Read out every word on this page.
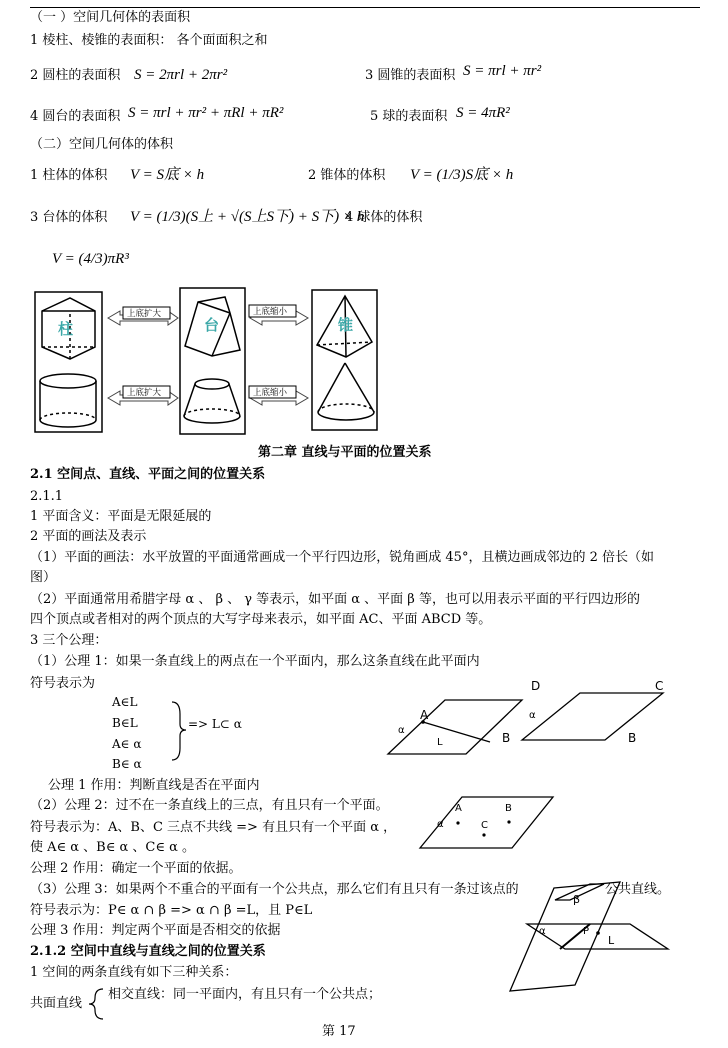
（一 ）空间几何体的表面积
1 棱柱、棱锥的表面积： 各个面面积之和
2 圆柱的表面积 S = 2πrl + 2πr²	3 圆锥的表面积 S = πrl + πr²
4 圆台的表面积 S = πrl + πr² + πRl + πR²	5 球的表面积 S = 4πR²
（二）空间几何体的体积
1 柱体的体积 V = S底 × h	2 锥体的体积 V = (1/3)S底 × h
3 台体的体积 V = (1/3)(S上 + √(S上S下) + S下) × h
4 球体的体积
V = (4/3)πR³
上底扩大	上底缩小
上底扩大	上底缩小
柱	台	锥
A
L
α
B
D	C
α
B
A	B
C
α
β
α	P
L
第二章 直线与平面的位置关系
2.1 空间点、直线、平面之间的位置关系
2.1.1
1 平面含义：平面是无限延展的
2 平面的画法及表示
（1）平面的画法：水平放置的平面通常画成一个平行四边形，锐角画成 45°，且横边画成邻边的 2 倍长（如
图）
（2）平面通常用希腊字母 α 、 β 、 γ 等表示，如平面 α 、平面 β 等，也可以用表示平面的平行四边形的
四个顶点或者相对的两个顶点的大写字母来表示，如平面 AC、平面 ABCD 等。
3 三个公理：
（1）公理 1：如果一条直线上的两点在一个平面内，那么这条直线在此平面内
符号表示为
A∈L
B∈L
A∈ α
B∈ α
=> L⊂ α
公理 1 作用：判断直线是否在平面内
（2）公理 2：过不在一条直线上的三点，有且只有一个平面。
符号表示为：A、B、C 三点不共线 => 有且只有一个平面 α ，
使 A∈ α 、B∈ α 、C∈ α 。
公理 2 作用：确定一个平面的依据。
（3）公理 3：如果两个不重合的平面有一个公共点，那么它们有且只有一条过该点的	公共直线。
符号表示为：P∈ α ∩ β => α ∩ β =L，且 P∈L
公理 3 作用：判定两个平面是否相交的依据
2.1.2 空间中直线与直线之间的位置关系
1 空间的两条直线有如下三种关系：
共面直线
相交直线：同一平面内，有且只有一个公共点；
第 17
